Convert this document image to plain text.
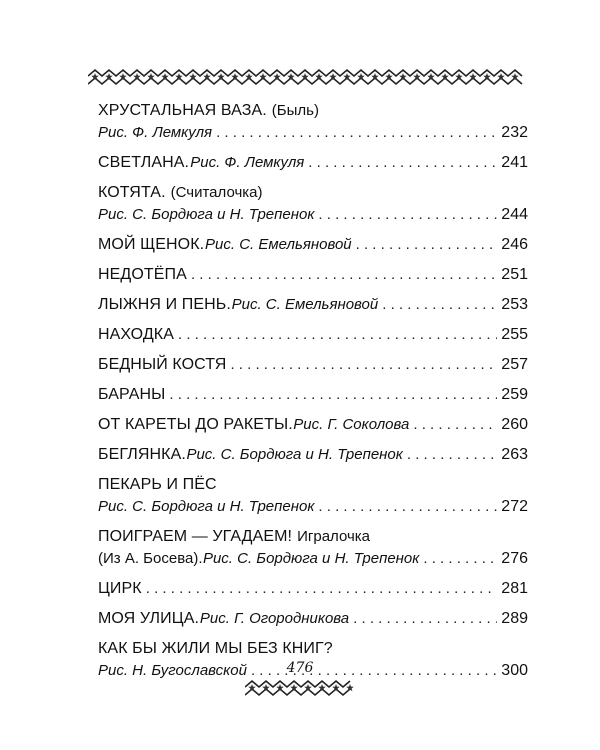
ХРУСТАЛЬНАЯ ВАЗА. (Быль)
Рис. Ф. Лемкуля . . .	232
СВЕТЛАНА. Рис. Ф. Лемкуля . . .	241
КОТЯТА. (Считалочка)
Рис. С. Бордюга и Н. Трепенок . . .	244
МОЙ ЩЕНОК. Рис. С. Емельяновой . . .	246
НЕДОТЁПА . . .	251
ЛЫЖНЯ И ПЕНЬ. Рис. С. Емельяновой . . .	253
НАХОДКА . . .	255
БЕДНЫЙ КОСТЯ . . .	257
БАРАНЫ . . .	259
ОТ КАРЕТЫ ДО РАКЕТЫ. Рис. Г. Соколова . . .	260
БЕГЛЯНКА. Рис. С. Бордюга и Н. Трепенок . . .	263
ПЕКАРЬ И ПЁС
Рис. С. Бордюга и Н. Трепенок . . .	272
ПОИГРАЕМ — УГАДАЕМ! Игралочка
(Из А. Босева). Рис. С. Бордюга и Н. Трепенок . . .	276
ЦИРК . . .	281
МОЯ УЛИЦА. Рис. Г. Огородникова . . .	289
КАК БЫ ЖИЛИ МЫ БЕЗ КНИГ?
Рис. Н. Бугославской . . .	300
476
